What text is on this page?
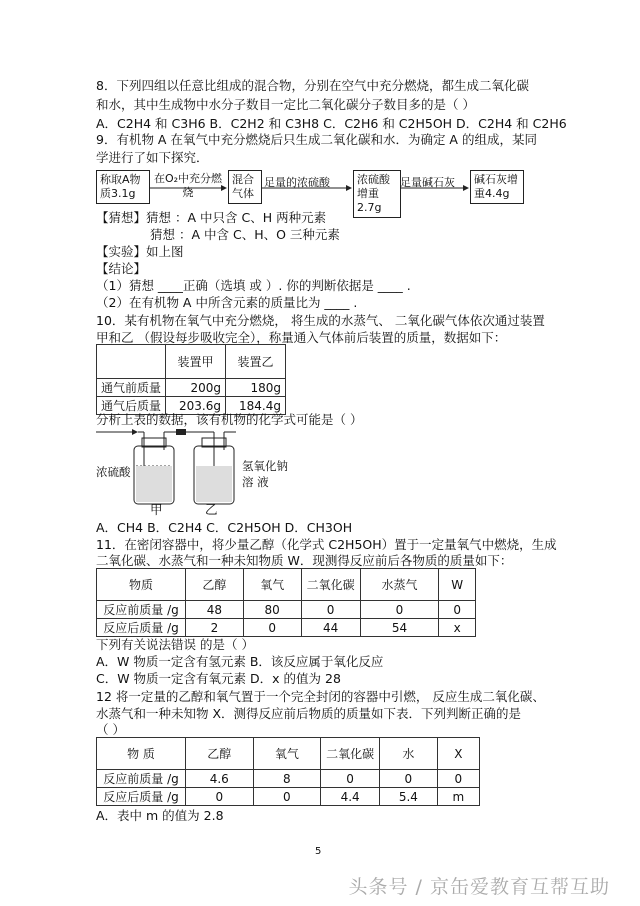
8．下列四组以任意比组成的混合物，分别在空气中充分燃烧，都生成二氧化碳
和水，其中生成物中水分子数目一定比二氧化碳分子数目多的是（ ）
A．C2H4 和 C3H6 B．C2H2 和 C3H8 C．C2H6 和 C2H5OH D．C2H4 和 C2H6
9．有机物 A 在氧气中充分燃烧后只生成二氧化碳和水．为确定 A 的组成，某同
学进行了如下探究．
称取A物质3.1g
在O₂中充分燃烧
混合气体
足量的浓硫酸	浓硫酸增重2.7g
足量碱石灰	碱石灰增重4.4g
【猜想】猜想 ：A 中只含 C、H 两种元素
猜想 ：A 中含 C、H、O 三种元素
【实验】如上图
【结论】
（1）猜想 ____正确（选填 或 ）. 你的判断依据是 ____ .
（2）在有机物 A 中所含元素的质量比为 ____ .
10．某有机物在氧气中充分燃烧， 将生成的水蒸气、 二氧化碳气体依次通过装置
甲和乙 （假设每步吸收完全），称量通入气体前后装置的质量，数据如下：
	装置甲	装置乙
通气前质量	200g	180g
通气后质量	203.6g	184.4g
分析上表的数据，该有机物的化学式可能是（ ）
浓硫酸	氢氧化钠
溶 液
甲	乙
A．CH4 B．C2H4 C．C2H5OH D．CH3OH
11．在密闭容器中，将少量乙醇（化学式 C2H5OH）置于一定量氧气中燃烧，生成
二氧化碳、水蒸气和一种未知物质 W．现测得反应前后各物质的质量如下：
物质	乙醇	氧气	二氧化碳	水蒸气	W
反应前质量 /g	48	80	0	0	0
反应后质量 /g	2	0	44	54	x
下列有关说法错误 的是（ ）
A．W 物质一定含有氢元素 B．该反应属于氧化反应
C．W 物质一定含有氧元素 D．x 的值为 28
12 将一定量的乙醇和氧气置于一个完全封闭的容器中引燃， 反应生成二氧化碳、
水蒸气和一种未知物 X．测得反应前后物质的质量如下表．下列判断正确的是
（ ）
物 质	乙醇	氧气	二氧化碳	水	X
反应前质量 /g	4.6	8	0	0	0
反应后质量 /g	0	0	4.4	5.4	m
A．表中 m 的值为 2.8
5
头条号 / 京缶爱教育互帮互助
